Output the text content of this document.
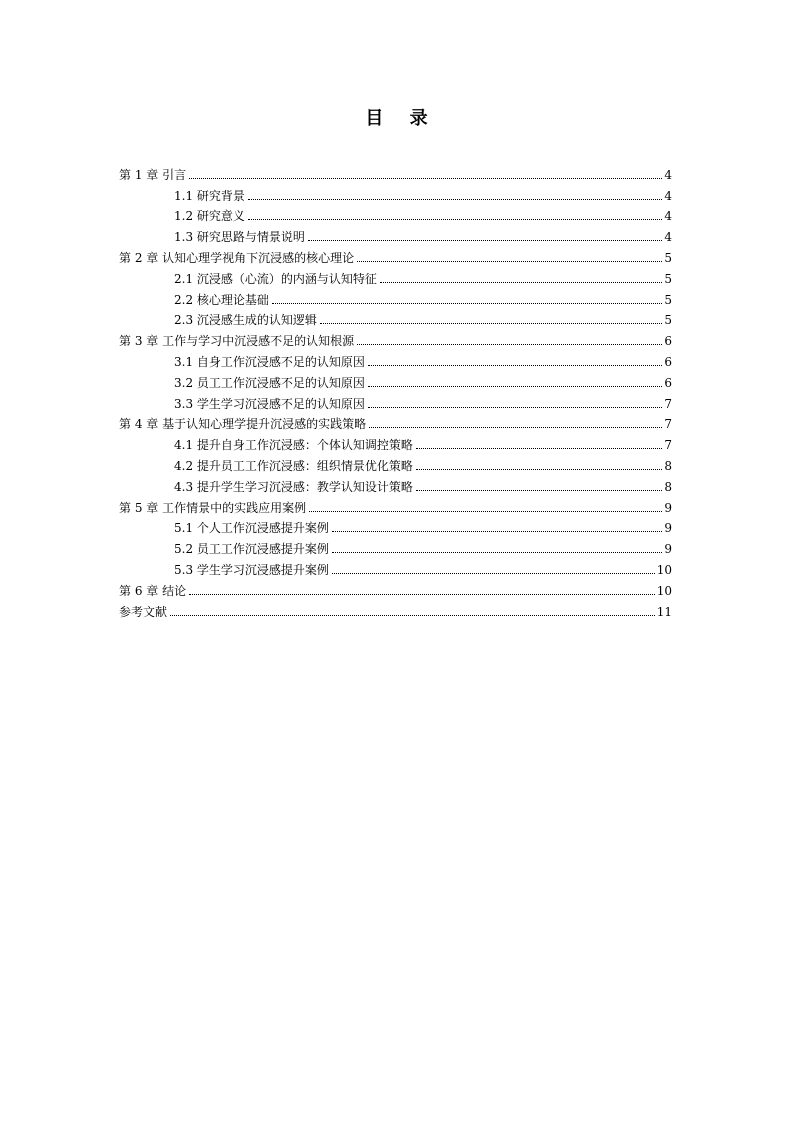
目 录
第 1 章 引言	4
1.1 研究背景	4
1.2 研究意义	4
1.3 研究思路与情景说明	4
第 2 章 认知心理学视角下沉浸感的核心理论	5
2.1 沉浸感（心流）的内涵与认知特征	5
2.2 核心理论基础	5
2.3 沉浸感生成的认知逻辑	5
第 3 章 工作与学习中沉浸感不足的认知根源	6
3.1 自身工作沉浸感不足的认知原因	6
3.2 员工工作沉浸感不足的认知原因	6
3.3 学生学习沉浸感不足的认知原因	7
第 4 章 基于认知心理学提升沉浸感的实践策略	7
4.1 提升自身工作沉浸感：个体认知调控策略	7
4.2 提升员工工作沉浸感：组织情景优化策略	8
4.3 提升学生学习沉浸感：教学认知设计策略	8
第 5 章 工作情景中的实践应用案例	9
5.1 个人工作沉浸感提升案例	9
5.2 员工工作沉浸感提升案例	9
5.3 学生学习沉浸感提升案例	10
第 6 章 结论	10
参考文献	11
